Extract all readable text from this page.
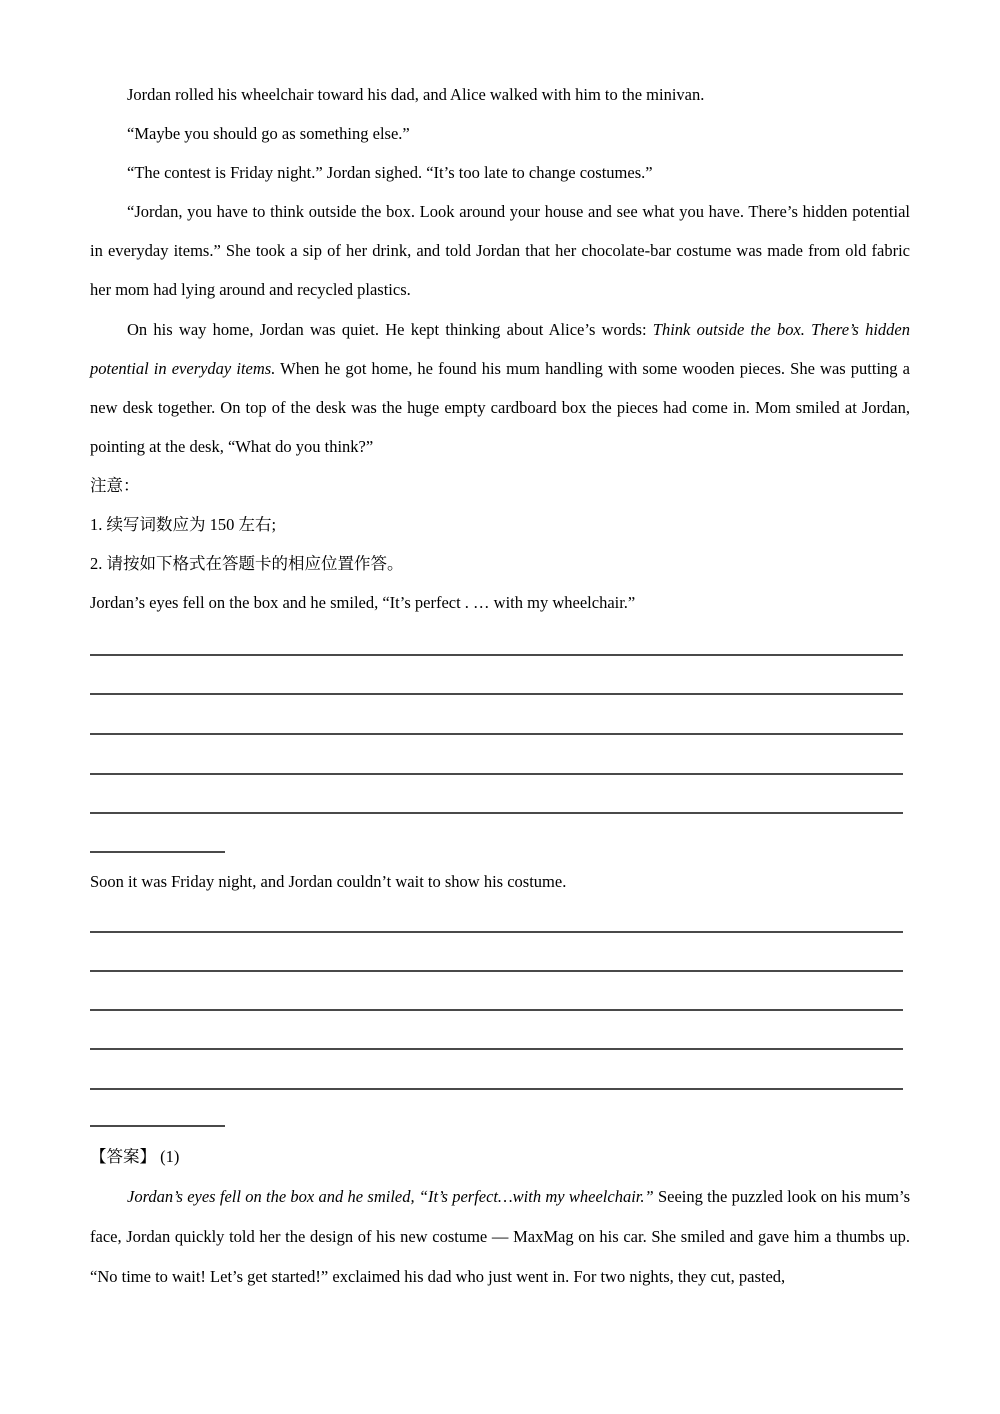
Jordan rolled his wheelchair toward his dad, and Alice walked with him to the minivan.

“Maybe you should go as something else.”

“The contest is Friday night.” Jordan sighed. “It’s too late to change costumes.”

“Jordan, you have to think outside the box. Look around your house and see what you have. There’s hidden potential in everyday items.” She took a sip of her drink, and told Jordan that her chocolate-bar costume was made from old fabric her mom had lying around and recycled plastics.

On his way home, Jordan was quiet. He kept thinking about Alice’s words: Think outside the box. There’s hidden potential in everyday items. When he got home, he found his mum handling with some wooden pieces. She was putting a new desk together. On top of the desk was the huge empty cardboard box the pieces had come in. Mom smiled at Jordan, pointing at the desk, “What do you think?”

注意：

1. 续写词数应为 150 左右;

2. 请按如下格式在答题卡的相应位置作答。

Jordan’s eyes fell on the box and he smiled, “It’s perfect . … with my wheelchair.”

Soon it was Friday night, and Jordan couldn’t wait to show his costume.

【答案】 (1)

Jordan’s eyes fell on the box and he smiled, “It’s perfect…with my wheelchair.” Seeing the puzzled look on his mum’s face, Jordan quickly told her the design of his new costume — MaxMag on his car. She smiled and gave him a thumbs up. “No time to wait! Let’s get started!” exclaimed his dad who just went in. For two nights, they cut, pasted,
